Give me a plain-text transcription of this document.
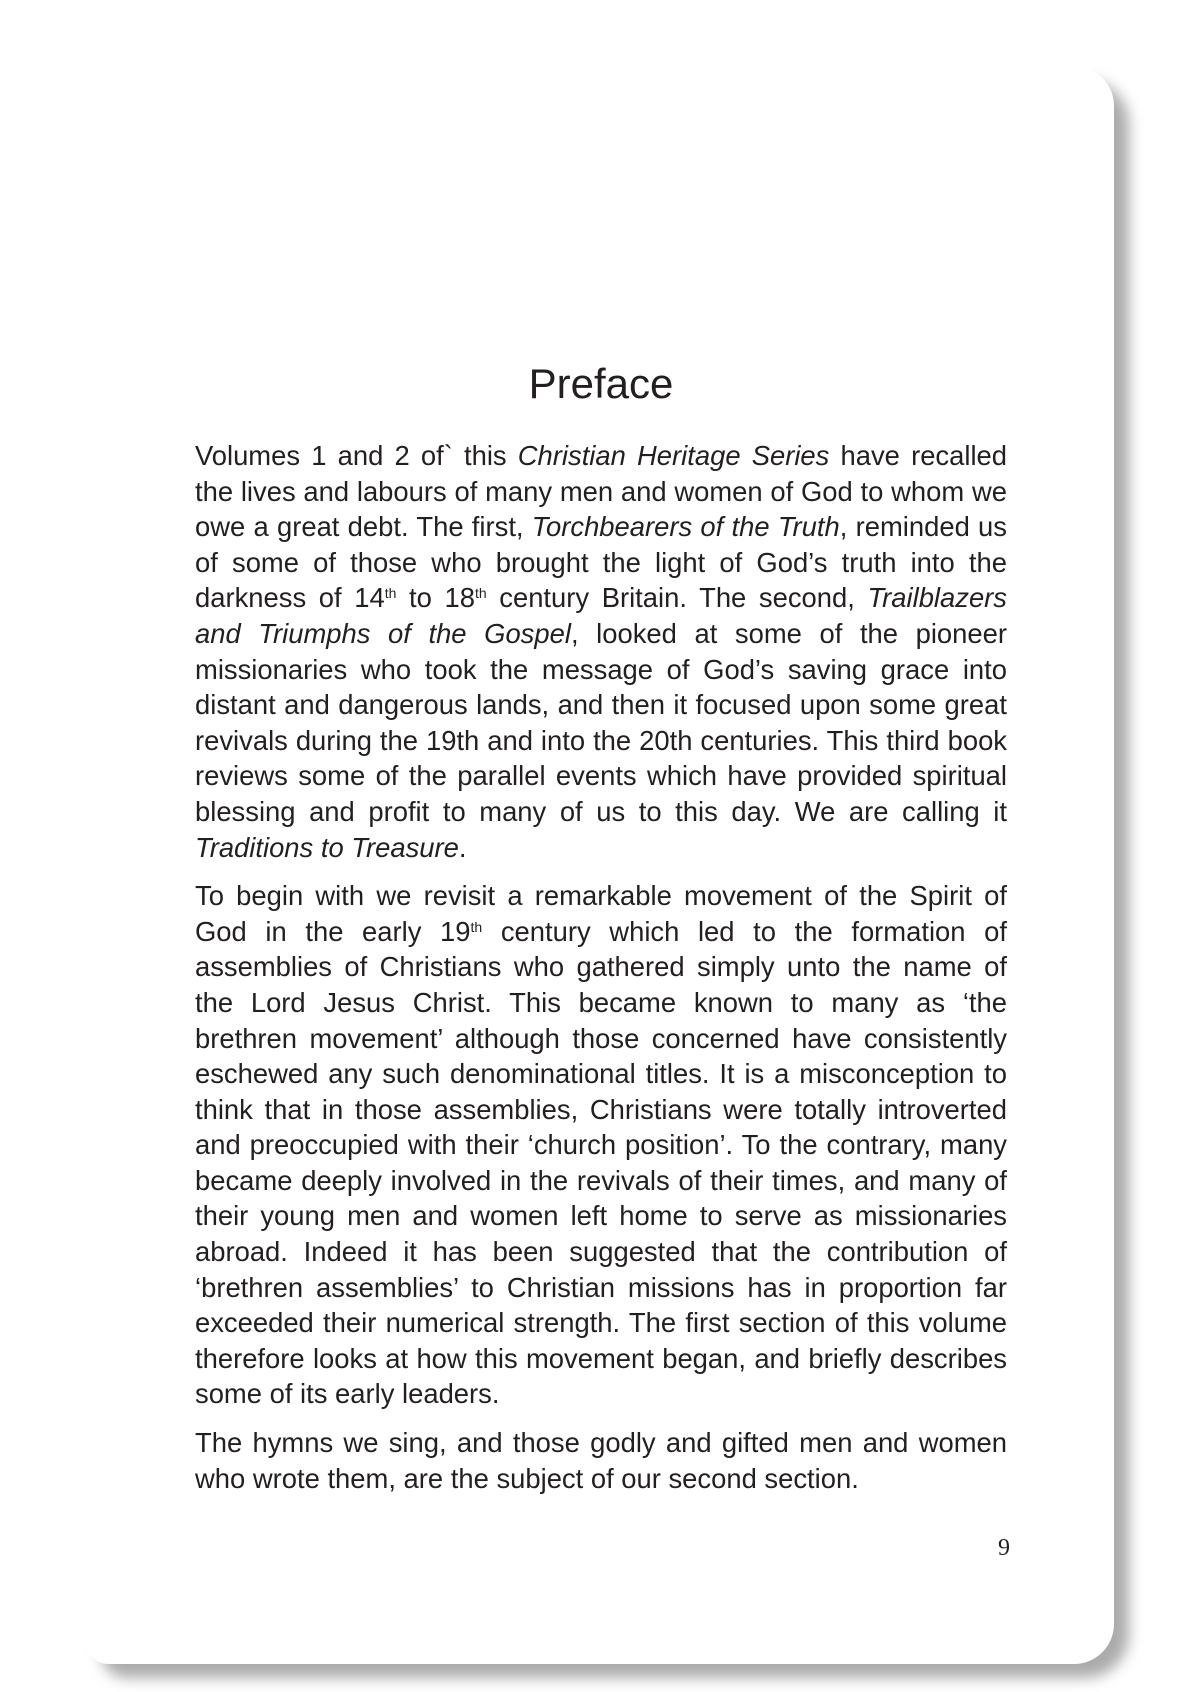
Preface

Volumes 1 and 2 of` this Christian Heritage Series have recalled the lives and labours of many men and women of God to whom we owe a great debt. The first, Torchbearers of the Truth, reminded us of some of those who brought the light of God’s truth into the darkness of 14th to 18th century Britain. The second, Trailblazers and Triumphs of the Gospel, looked at some of the pioneer missionaries who took the message of God’s saving grace into distant and dangerous lands, and then it focused upon some great revivals during the 19th and into the 20th centuries. This third book reviews some of the parallel events which have provided spiritual blessing and profit to many of us to this day. We are calling it Traditions to Treasure.

To begin with we revisit a remarkable movement of the Spirit of God in the early 19th century which led to the formation of assemblies of Christians who gathered simply unto the name of the Lord Jesus Christ. This became known to many as ‘the brethren movement’ although those concerned have consistently eschewed any such denominational titles. It is a misconception to think that in those assemblies, Christians were totally introverted and preoccupied with their ‘church position’. To the contrary, many became deeply involved in the revivals of their times, and many of their young men and women left home to serve as missionaries abroad. Indeed it has been suggested that the contribution of ‘brethren assemblies’ to Christian missions has in proportion far exceeded their numerical strength. The first section of this volume therefore looks at how this movement began, and briefly describes some of its early leaders.

The hymns we sing, and those godly and gifted men and women who wrote them, are the subject of our second section.

9
